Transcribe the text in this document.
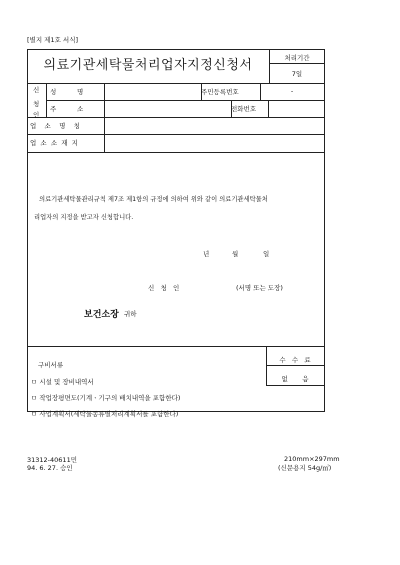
[별지 제1호 서식]
의료기관세탁물처리업자지정신청서	처리기간
7일
신
청
인
성          명	주민등록번호	-
주          소	전화번호
업    소    명    칭
업  소  소  재  지
의료기관세탁물관리규칙 제7조 제1항의 규정에 의하여 위와 같이 의료기관세탁물처
리업자의 지정을 받고자 신청합니다.
년	월	일
신   청   인	(서명 또는 도장)
보건소장 귀하
구비서류
ㅁ 시설 및 장비내역서
ㅁ 작업장평면도(기계ㆍ기구의 배치내역을 포함한다)
ㅁ 사업계획서(세탁물종류별처리계획서를 포함한다)
수   수   료
없       음
31312-40611민
94. 6. 27. 승인
210mm×297mm
(신문용지 54g/㎡)
